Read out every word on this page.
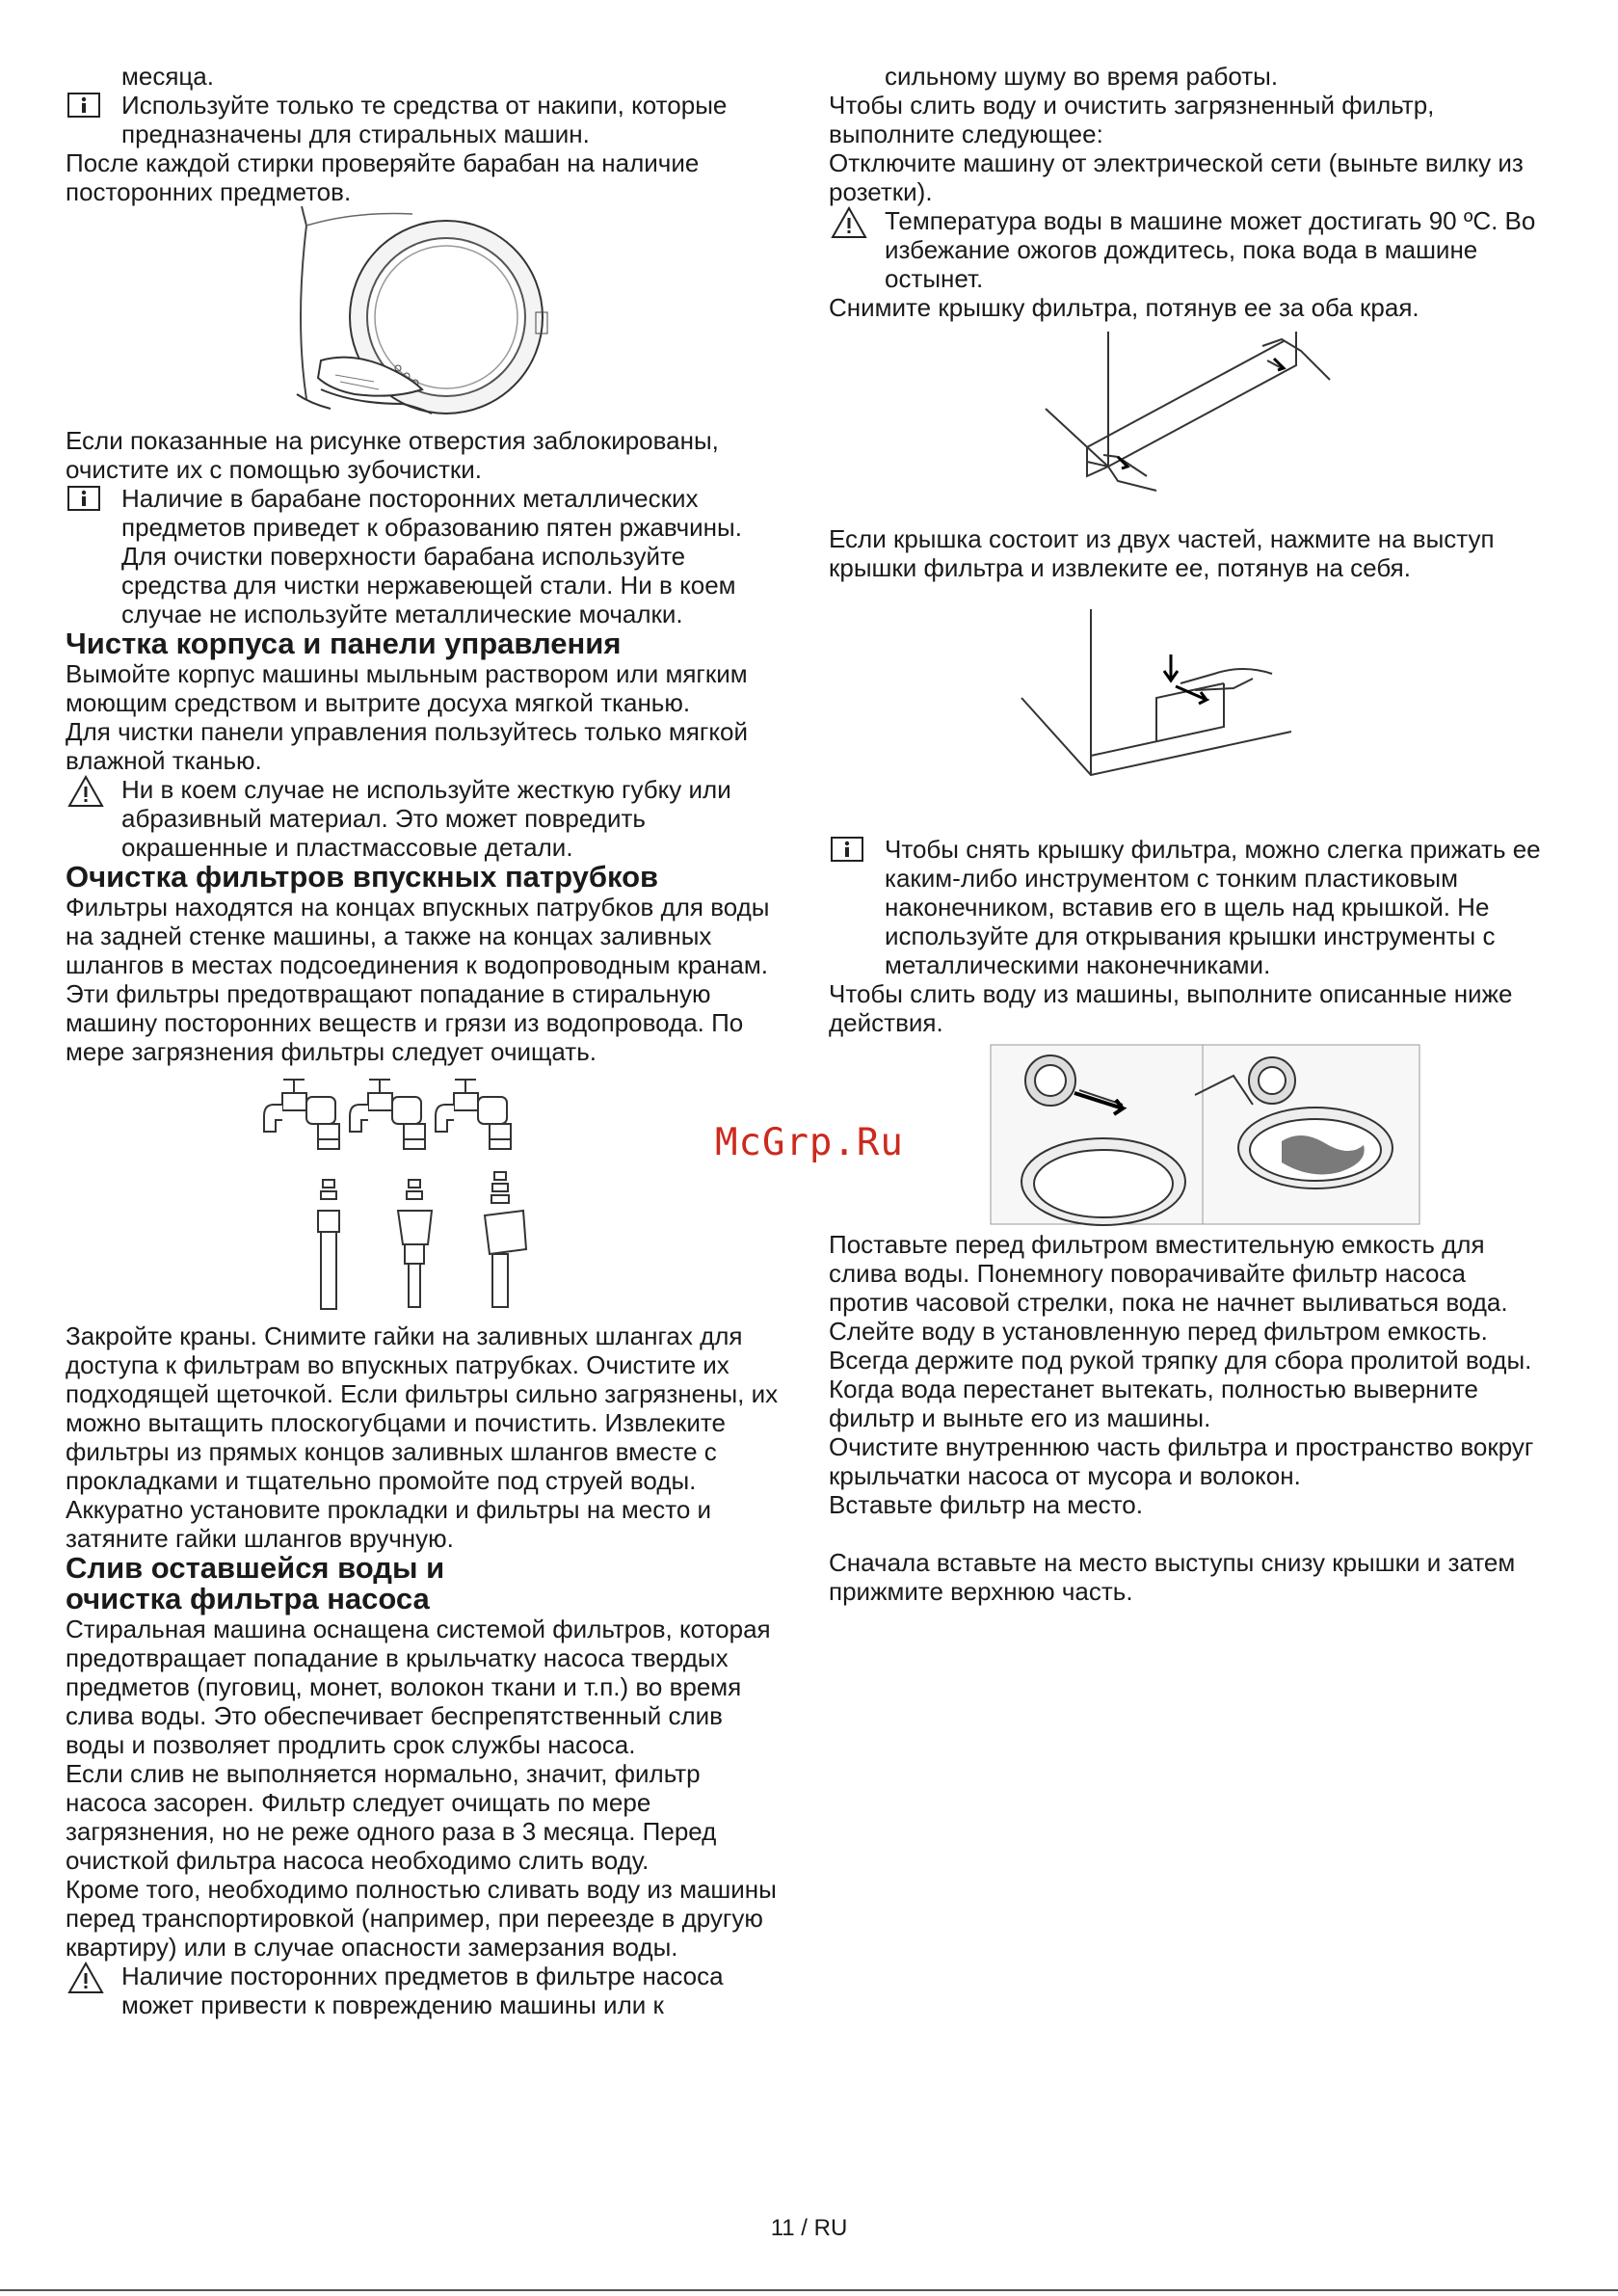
месяца.

Используйте только те средства от накипи, которые предназначены для стиральных машин.

После каждой стирки проверяйте барабан на наличие посторонних предметов.

Если показанные на рисунке отверстия заблокированы, очистите их с помощью зубочистки.

Наличие в барабане посторонних металлических предметов приведет к образованию пятен ржавчины. Для очистки поверхности барабана используйте средства для чистки нержавеющей стали. Ни в коем случае не используйте металлические мочалки.

Чистка корпуса и панели управления

Вымойте корпус машины мыльным раствором или мягким моющим средством и вытрите досуха мягкой тканью.

Для чистки панели управления пользуйтесь только мягкой влажной тканью.

Ни в коем случае не используйте жесткую губку или абразивный материал. Это может повредить окрашенные и пластмассовые детали.

Очистка фильтров впускных патрубков

Фильтры находятся на концах впускных патрубков для воды на задней стенке машины, а также на концах заливных шлангов в местах подсоединения к водопроводным кранам. Эти фильтры предотвращают попадание в стиральную машину посторонних веществ и грязи из водопровода. По мере загрязнения фильтры следует очищать.

Закройте краны. Снимите гайки на заливных шлангах для доступа к фильтрам во впускных патрубках. Очистите их подходящей щеточкой. Если фильтры сильно загрязнены, их можно вытащить плоскогубцами и почистить. Извлеките фильтры из прямых концов заливных шлангов вместе с прокладками и тщательно промойте под струей воды. Аккуратно установите прокладки и фильтры на место и затяните гайки шлангов вручную.

Слив оставшейся воды и
очистка фильтра насоса

Стиральная машина оснащена системой фильтров, которая предотвращает попадание в крыльчатку насоса твердых предметов (пуговиц, монет, волокон ткани и т.п.) во время слива воды. Это обеспечивает беспрепятственный слив воды и позволяет продлить срок службы насоса.

Если слив не выполняется нормально, значит, фильтр насоса засорен. Фильтр следует очищать по мере загрязнения, но не реже одного раза в 3 месяца. Перед очисткой фильтра насоса необходимо слить воду.

Кроме того, необходимо полностью сливать воду из машины перед транспортировкой (например, при переезде в другую квартиру) или в случае опасности замерзания воды.

Наличие посторонних предметов в фильтре насоса может привести к повреждению машины или к

сильному шуму во время работы.

Чтобы слить воду и очистить загрязненный фильтр, выполните следующее:

Отключите машину от электрической сети (выньте вилку из розетки).

Температура воды в машине может достигать 90 ºC. Во избежание ожогов дождитесь, пока вода в машине остынет.

Снимите крышку фильтра, потянув ее за оба края.

Если крышка состоит из двух частей, нажмите на выступ крышки фильтра и извлеките ее, потянув на себя.

Чтобы снять крышку фильтра, можно слегка прижать ее каким-либо инструментом с тонким пластиковым наконечником, вставив его в щель над крышкой. Не используйте для открывания крышки инструменты с металлическими наконечниками.

Чтобы слить воду из машины, выполните описанные ниже действия.

Поставьте перед фильтром вместительную емкость для слива воды. Понемногу поворачивайте фильтр насоса против часовой стрелки, пока не начнет выливаться вода. Слейте воду в установленную перед фильтром емкость. Всегда держите под рукой тряпку для сбора пролитой воды. Когда вода перестанет вытекать, полностью выверните фильтр и выньте его из машины.

Очистите внутреннюю часть фильтра и пространство вокруг крыльчатки насоса от мусора и волокон.

Вставьте фильтр на место.

Сначала вставьте на место выступы снизу крышки и затем прижмите верхнюю часть.

McGrp.Ru
11 / RU
